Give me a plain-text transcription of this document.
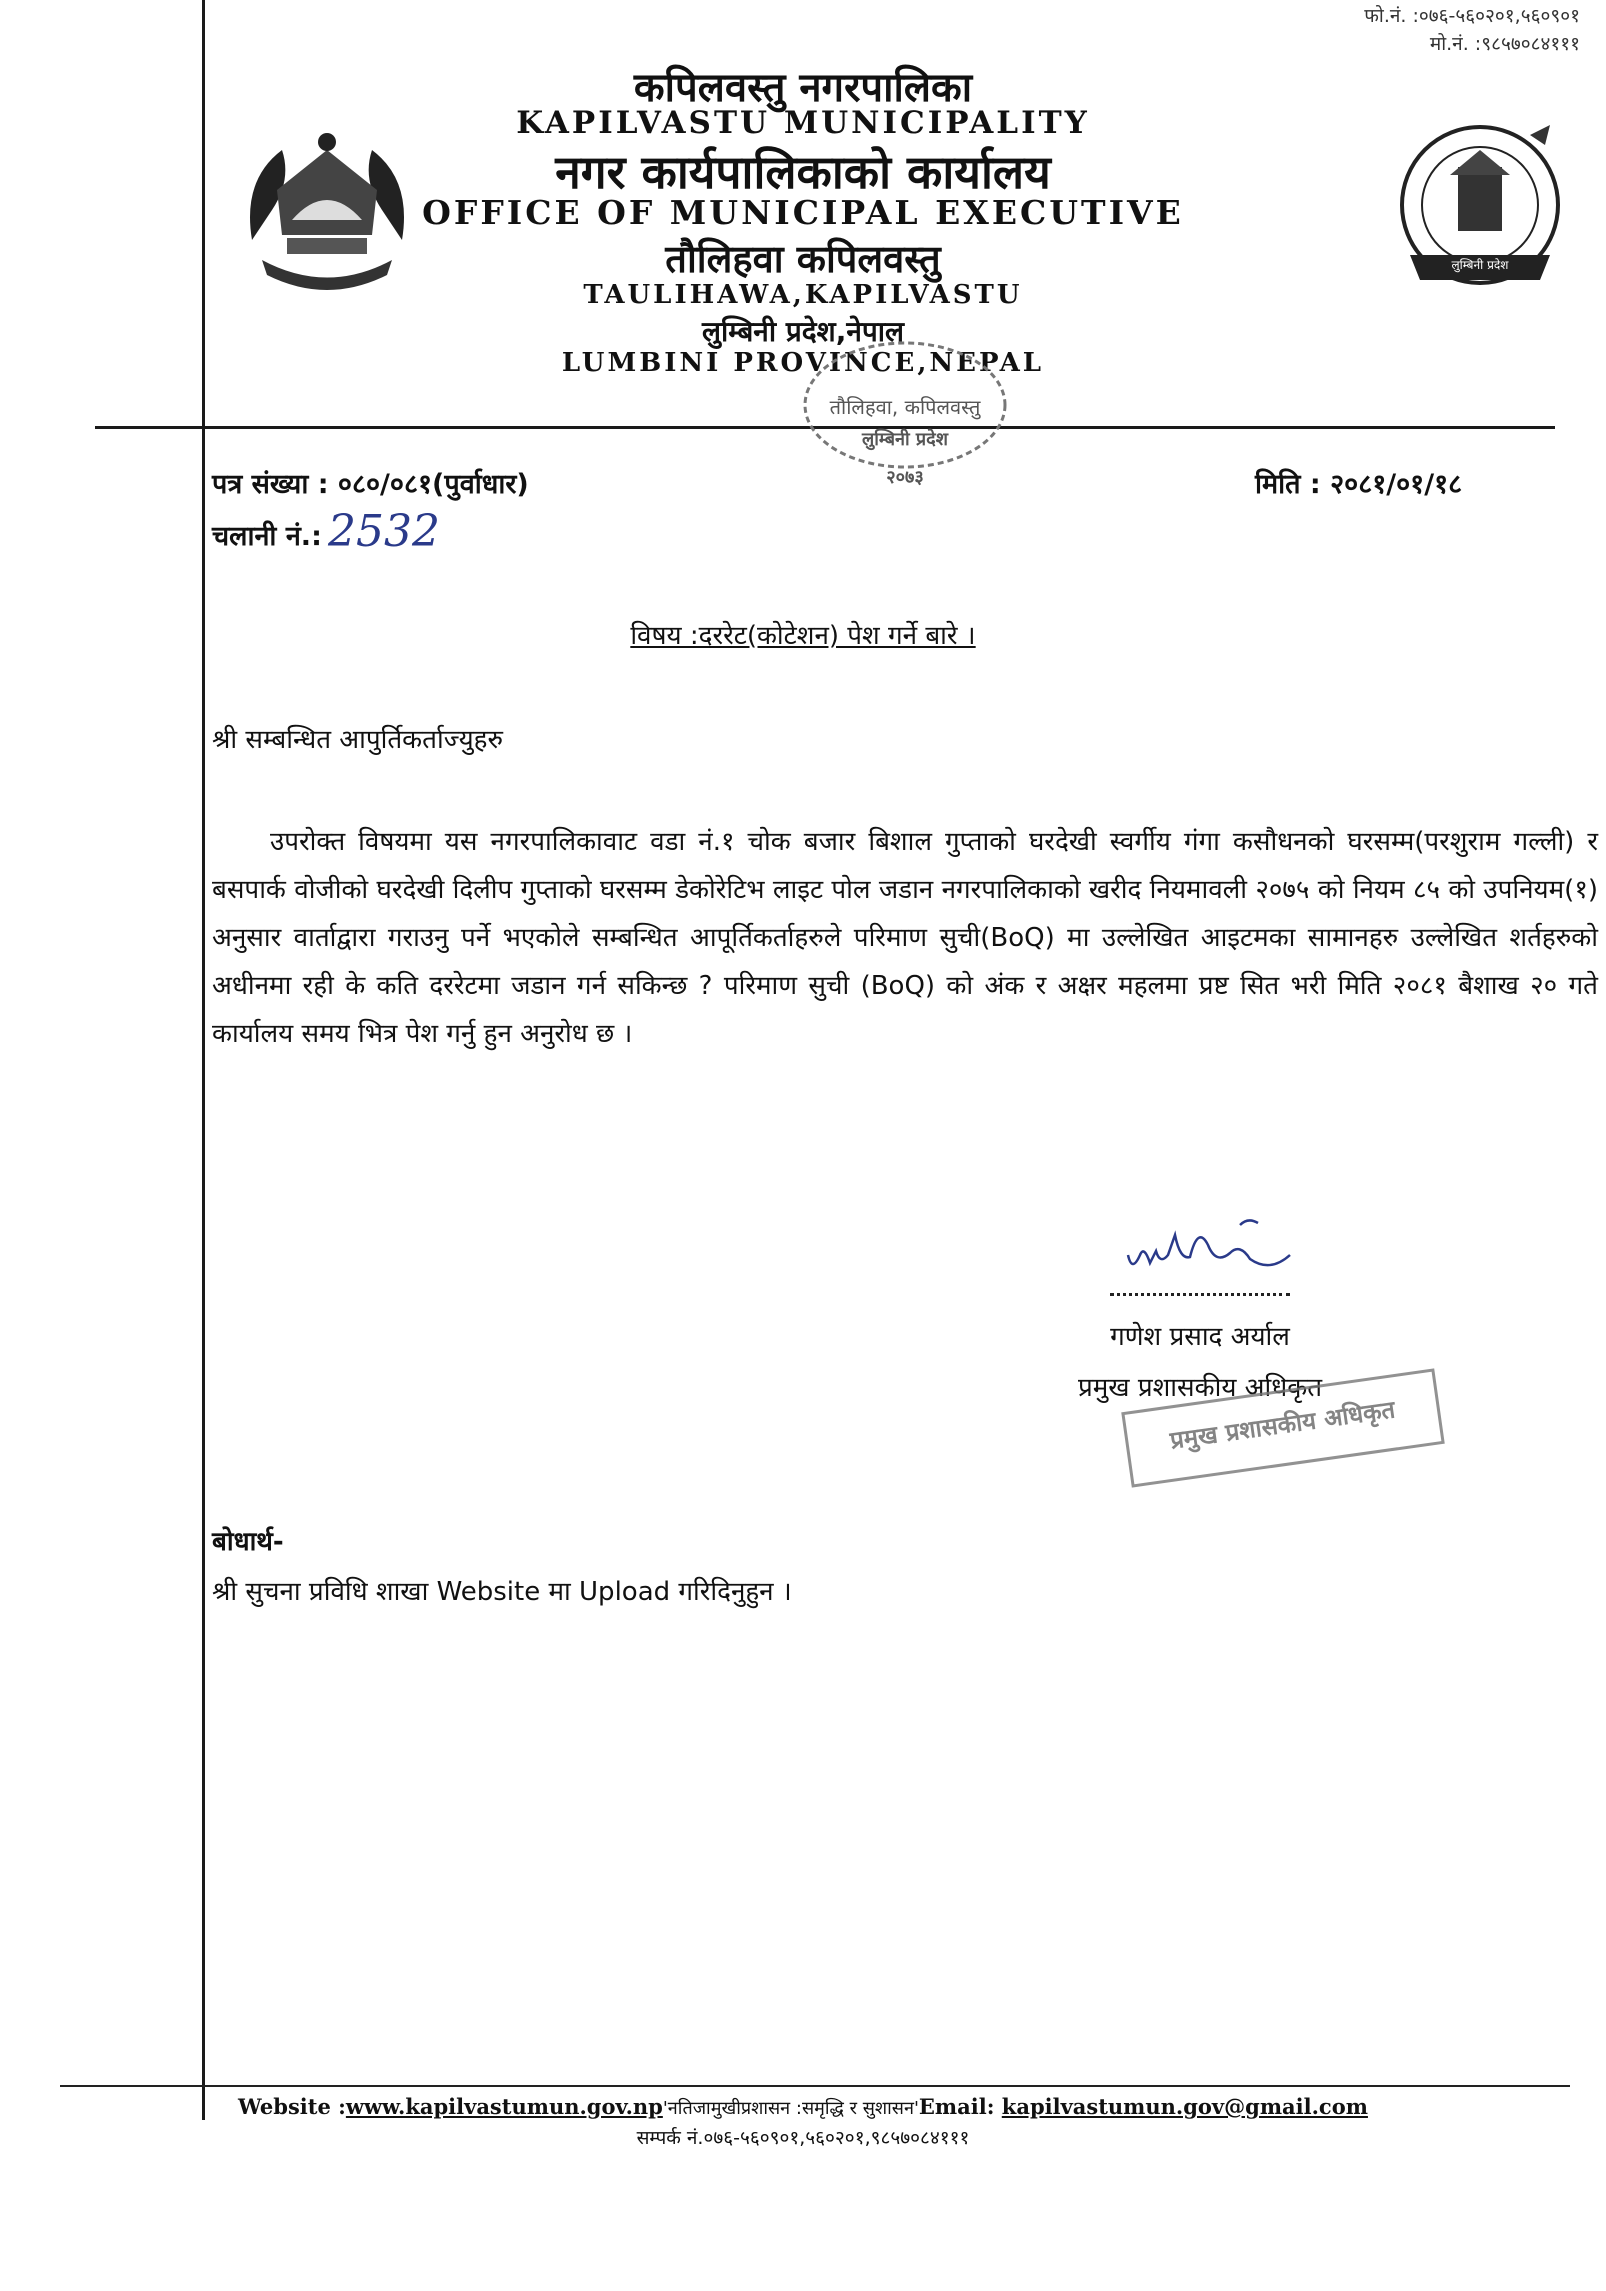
फो.नं. :०७६-५६०२०१,५६०९०१
मो.नं. :९८५७०८४१११
लुम्बिनी प्रदेश
कपिलवस्तु नगरपालिका
KAPILVASTU MUNICIPALITY
नगर कार्यपालिकाको कार्यालय
OFFICE OF MUNICIPAL EXECUTIVE
तौलिहवा कपिलवस्तु
TAULIHAWA,KAPILVASTU
लुम्बिनी प्रदेश,नेपाल
LUMBINI PROVINCE,NEPAL
तौलिहवा, कपिलवस्तु
लुम्बिनी प्रदेश
२०७३
पत्र संख्या : ०८०/०८१(पुर्वाधार)	मिति : २०८१/०१/१८
चलानी नं.: 2532
विषय :दररेट(कोटेशन) पेश गर्ने बारे ।
श्री सम्बन्धित आपुर्तिकर्ताज्युहरु
उपरोक्त विषयमा यस नगरपालिकावाट वडा नं.१ चोक बजार बिशाल गुप्ताको घरदेखी स्वर्गीय गंगा कसौधनको घरसम्म(परशुराम गल्ली) र बसपार्क वोजीको घरदेखी दिलीप गुप्ताको घरसम्म डेकोरेटिभ लाइट पोल जडान नगरपालिकाको खरीद नियमावली २०७५ को नियम ८५ को उपनियम(१) अनुसार वार्ताद्वारा गराउनु पर्ने भएकोले सम्बन्धित आपूर्तिकर्ताहरुले परिमाण सुची(BoQ) मा उल्लेखित आइटमका सामानहरु उल्लेखित शर्तहरुको अधीनमा रही के कति दररेटमा जडान गर्न सकिन्छ ? परिमाण सुची (BoQ) को अंक र अक्षर महलमा प्रष्ट सित भरी मिति २०८१ बैशाख २० गते कार्यालय समय भित्र पेश गर्नु हुन अनुरोध छ ।
गणेश प्रसाद अर्याल
प्रमुख प्रशासकीय अधिकृत
प्रमुख प्रशासकीय अधिकृत
बोधार्थ-
श्री सुचना प्रविधि शाखा Website मा Upload गरिदिनुहुन ।
Website :www.kapilvastumun.gov.np'नतिजामुखीप्रशासन :समृद्धि र सुशासन'Email: kapilvastumun.gov@gmail.com
सम्पर्क नं.०७६-५६०९०१,५६०२०१,९८५७०८४१११
